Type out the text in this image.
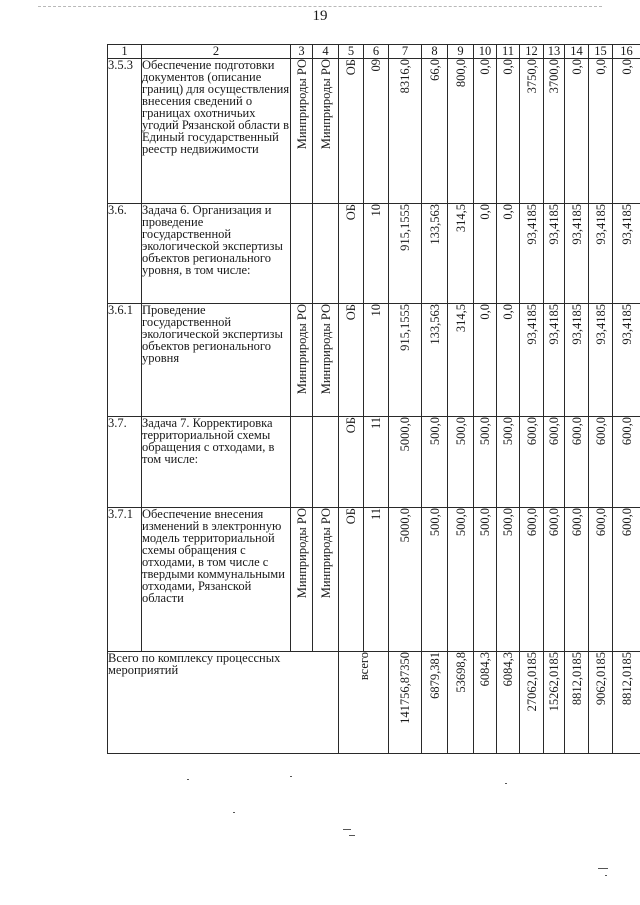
19
1	2	3	4	5	6	7	8	9	10	11	12	13	14	15	16
3.5.3	Обеспечение подготовки документов (описание границ) для осуществления внесения сведений о границах охотничьих угодий Рязанской области в Единый государственный реестр недвижимости	Минприроды РО	Минприроды РО	ОБ	09	8316,0	66,0	800,0	0,0	0,0	3750,0	3700,0	0,0	0,0	0,0

3.6.	Задача 6. Организация и проведение государственной экологической экспертизы объектов регионального уровня, в том числе:			ОБ	10	915,1555	133,563	314,5	0,0	0,0	93,4185	93,4185	93,4185	93,4185	93,4185

3.6.1	Проведение государственной экологической экспертизы объектов регионального уровня	Минприроды РО	Минприроды РО	ОБ	10	915,1555	133,563	314,5	0,0	0,0	93,4185	93,4185	93,4185	93,4185	93,4185

3.7.	Задача 7. Корректировка территориальной схемы обращения с отходами, в том числе:			ОБ	11	5000,0	500,0	500,0	500,0	500,0	600,0	600,0	600,0	600,0	600,0

3.7.1	Обеспечение внесения изменений в электронную модель территориальной схемы обращения с отходами, в том числе с твердыми коммунальными отходами, Рязанской области	Минприроды РО	Минприроды РО	ОБ	11	5000,0	500,0	500,0	500,0	500,0	600,0	600,0	600,0	600,0	600,0

Всего по комплексу процессных мероприятий				всего		141756,87350	6879,381	53698,8	6084,3	6084,3	27062,0185	15262,0185	8812,0185	9062,0185	8812,0185
